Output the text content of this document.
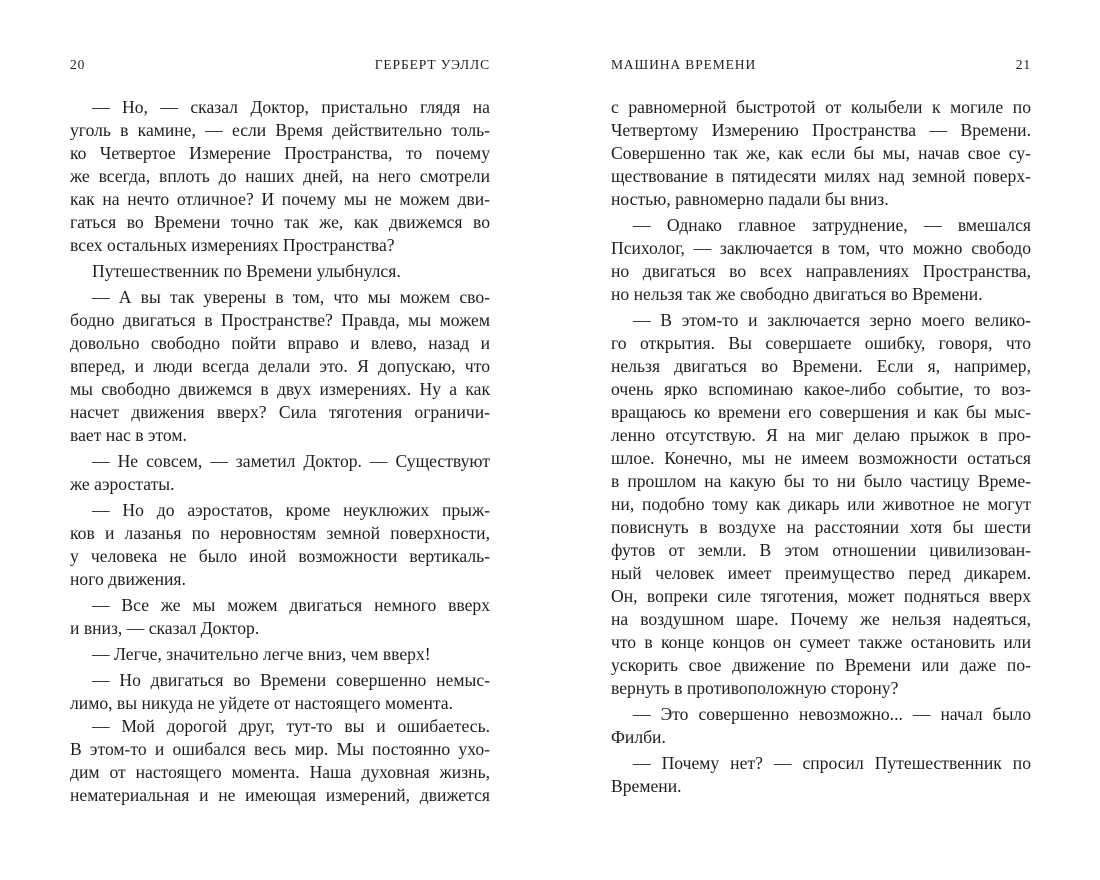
20	ГЕРБЕРТ УЭЛЛС
— Но, — сказал Доктор, пристально глядя на
уголь в камине, — если Время действительно толь-
ко Четвертое Измерение Пространства, то почему
же всегда, вплоть до наших дней, на него смотрели
как на нечто отличное? И почему мы не можем дви-
гаться во Времени точно так же, как движемся во
всех остальных измерениях Пространства?
Путешественник по Времени улыбнулся.
— А вы так уверены в том, что мы можем сво-
бодно двигаться в Пространстве? Правда, мы можем
довольно свободно пойти вправо и влево, назад и
вперед, и люди всегда делали это. Я допускаю, что
мы свободно движемся в двух измерениях. Ну а как
насчет движения вверх? Сила тяготения ограничи-
вает нас в этом.
— Не совсем, — заметил Доктор. — Существуют
же аэростаты.
— Но до аэростатов, кроме неуклюжих прыж-
ков и лазанья по неровностям земной поверхности,
у человека не было иной возможности вертикаль-
ного движения.
— Все же мы можем двигаться немного вверх
и вниз, — сказал Доктор.
— Легче, значительно легче вниз, чем вверх!
— Но двигаться во Времени совершенно немыс-
лимо, вы никуда не уйдете от настоящего момента.
— Мой дорогой друг, тут-то вы и ошибаетесь.
В этом-то и ошибался весь мир. Мы постоянно ухо-
дим от настоящего момента. Наша духовная жизнь,
нематериальная и не имеющая измерений, движется
МАШИНА ВРЕМЕНИ	21
с равномерной быстротой от колыбели к могиле по
Четвертому Измерению Пространства — Времени.
Совершенно так же, как если бы мы, начав свое су-
ществование в пятидесяти милях над земной поверх-
ностью, равномерно падали бы вниз.
— Однако главное затруднение, — вмешался
Психолог, — заключается в том, что можно свободо
но двигаться во всех направлениях Пространства,
но нельзя так же свободно двигаться во Времени.
— В этом-то и заключается зерно моего велико-
го открытия. Вы совершаете ошибку, говоря, что
нельзя двигаться во Времени. Если я, например,
очень ярко вспоминаю какое-либо событие, то воз-
вращаюсь ко времени его совершения и как бы мыс-
ленно отсутствую. Я на миг делаю прыжок в про-
шлое. Конечно, мы не имеем возможности остаться
в прошлом на какую бы то ни было частицу Време-
ни, подобно тому как дикарь или животное не могут
повиснуть в воздухе на расстоянии хотя бы шести
футов от земли. В этом отношении цивилизован-
ный человек имеет преимущество перед дикарем.
Он, вопреки силе тяготения, может подняться вверх
на воздушном шаре. Почему же нельзя надеяться,
что в конце концов он сумеет также остановить или
ускорить свое движение по Времени или даже по-
вернуть в противоположную сторону?
— Это совершенно невозможно... — начал было
Филби.
— Почему нет? — спросил Путешественник по
Времени.
